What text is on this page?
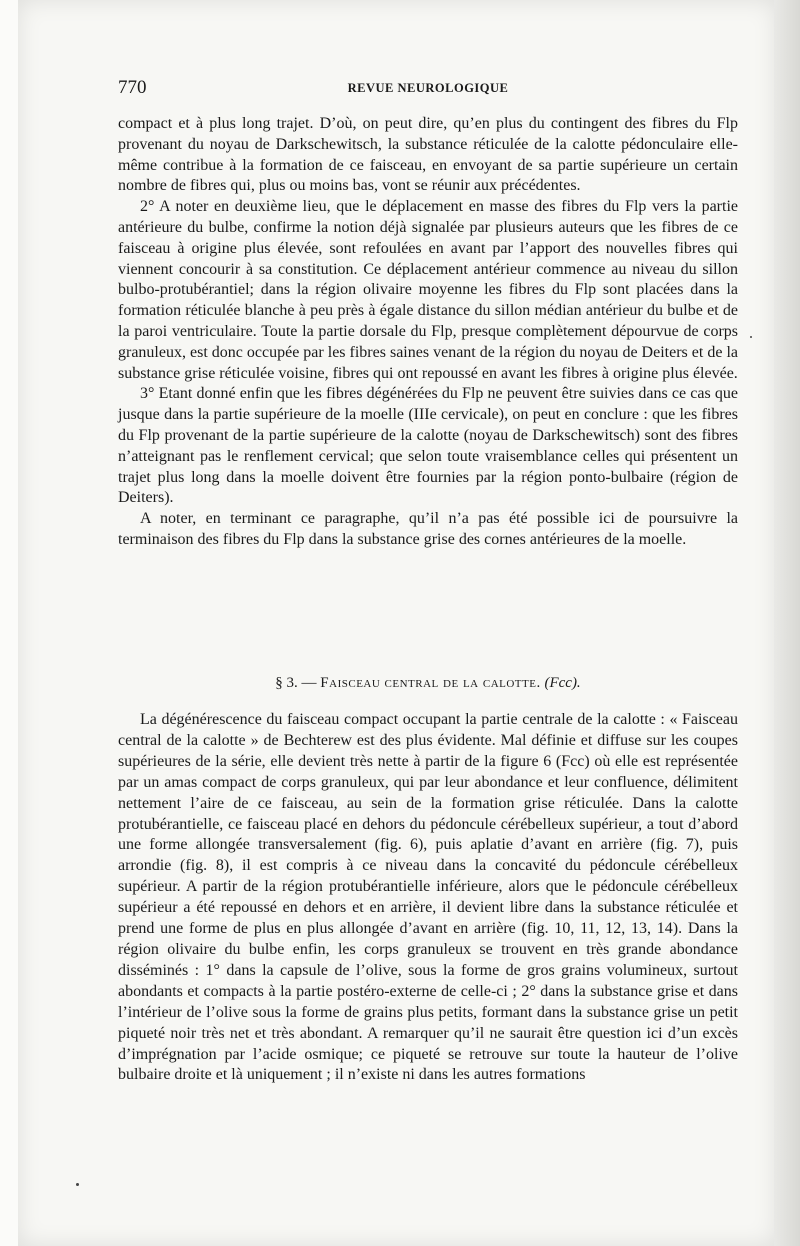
770	REVUE NEUROLOGIQUE

compact et à plus long trajet. D’où, on peut dire, qu’en plus du contingent des fibres du Flp provenant du noyau de Darkschewitsch, la substance réticulée de la calotte pédonculaire elle-même contribue à la formation de ce faisceau, en envoyant de sa partie supérieure un certain nombre de fibres qui, plus ou moins bas, vont se réunir aux précédentes.

2° A noter en deuxième lieu, que le déplacement en masse des fibres du Flp vers la partie antérieure du bulbe, confirme la notion déjà signalée par plusieurs auteurs que les fibres de ce faisceau à origine plus élevée, sont refoulées en avant par l’apport des nouvelles fibres qui viennent concourir à sa constitution. Ce déplacement antérieur commence au niveau du sillon bulbo-protubérantiel; dans la région olivaire moyenne les fibres du Flp sont placées dans la formation réticulée blanche à peu près à égale distance du sillon médian antérieur du bulbe et de la paroi ventriculaire. Toute la partie dorsale du Flp, presque complètement dépourvue de corps granuleux, est donc occupée par les fibres saines venant de la région du noyau de Deiters et de la substance grise réticulée voisine, fibres qui ont repoussé en avant les fibres à origine plus élevée.

3° Etant donné enfin que les fibres dégénérées du Flp ne peuvent être suivies dans ce cas que jusque dans la partie supérieure de la moelle (IIIe cervicale), on peut en conclure : que les fibres du Flp provenant de la partie supérieure de la calotte (noyau de Darkschewitsch) sont des fibres n’atteignant pas le renflement cervical; que selon toute vraisemblance celles qui présentent un trajet plus long dans la moelle doivent être fournies par la région ponto-bulbaire (région de Deiters).

A noter, en terminant ce paragraphe, qu’il n’a pas été possible ici de poursuivre la terminaison des fibres du Flp dans la substance grise des cornes antérieures de la moelle.

§ 3. — Faisceau central de la calotte. (Fcc).

La dégénérescence du faisceau compact occupant la partie centrale de la calotte : « Faisceau central de la calotte » de Bechterew est des plus évidente. Mal définie et diffuse sur les coupes supérieures de la série, elle devient très nette à partir de la figure 6 (Fcc) où elle est représentée par un amas compact de corps granuleux, qui par leur abondance et leur confluence, délimitent nettement l’aire de ce faisceau, au sein de la formation grise réticulée. Dans la calotte protubérantielle, ce faisceau placé en dehors du pédoncule cérébelleux supérieur, a tout d’abord une forme allongée transversalement (fig. 6), puis aplatie d’avant en arrière (fig. 7), puis arrondie (fig. 8), il est compris à ce niveau dans la concavité du pédoncule cérébelleux supérieur. A partir de la région protubérantielle inférieure, alors que le pédoncule cérébelleux supérieur a été repoussé en dehors et en arrière, il devient libre dans la substance réticulée et prend une forme de plus en plus allongée d’avant en arrière (fig. 10, 11, 12, 13, 14). Dans la région olivaire du bulbe enfin, les corps granuleux se trouvent en très grande abondance disséminés : 1° dans la capsule de l’olive, sous la forme de gros grains volumineux, surtout abondants et compacts à la partie postéro-externe de celle-ci ; 2° dans la substance grise et dans l’intérieur de l’olive sous la forme de grains plus petits, formant dans la substance grise un petit piqueté noir très net et très abondant. A remarquer qu’il ne saurait être question ici d’un excès d’imprégnation par l’acide osmique; ce piqueté se retrouve sur toute la hauteur de l’olive bulbaire droite et là uniquement ; il n’existe ni dans les autres formations
